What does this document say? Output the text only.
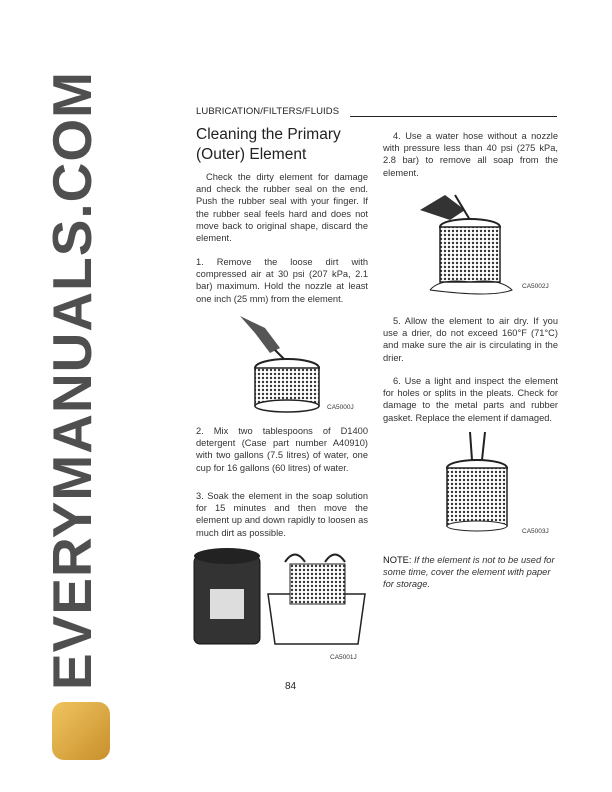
LUBRICATION/FILTERS/FLUIDS
Cleaning the Primary (Outer) Element
Check the dirty element for damage and check the rubber seal on the end. Push the rubber seal with your finger. If the rubber seal feels hard and does not move back to original shape, discard the element.
1. Remove the loose dirt with compressed air at 30 psi (207 kPa, 2.1 bar) maximum. Hold the nozzle at least one inch (25 mm) from the element.
CA5000J
2. Mix two tablespoons of D1400 detergent (Case part number A40910) with two gallons (7.5 litres) of water, one cup for 16 gallons (60 litres) of water.
3. Soak the element in the soap solution for 15 minutes and then move the element up and down rapidly to loosen as much dirt as possible.
CA5001J
4. Use a water hose without a nozzle with pressure less than 40 psi (275 kPa, 2.8 bar) to remove all soap from the element.
CA5002J
5. Allow the element to air dry. If you use a drier, do not exceed 160°F (71°C) and make sure the air is circulating in the drier.
6. Use a light and inspect the element for holes or splits in the pleats. Check for damage to the metal parts and rubber gasket. Replace the element if damaged.
CA5003J
NOTE: If the element is not to be used for some time, cover the element with paper for storage.
84
EVERYMANUALS.COM
